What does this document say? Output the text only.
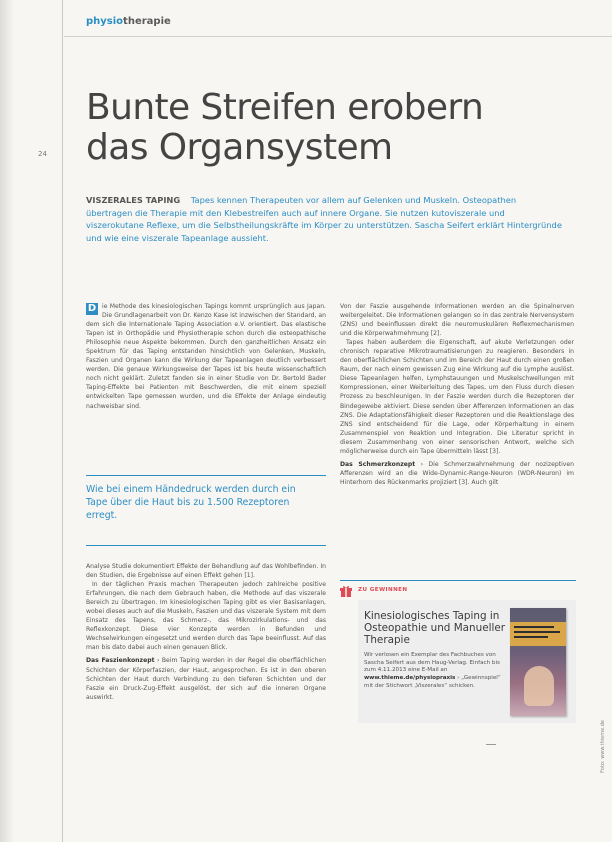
physiotherapie
24
Bunte Streifen erobern
das Organsystem
VISZERALES TAPING Tapes kennen Therapeuten vor allem auf Gelenken und Muskeln. Osteopathen übertragen die Therapie mit den Klebestreifen auch auf innere Organe. Sie nutzen kutoviszerale und viszerokutane Reflexe, um die Selbstheilungskräfte im Körper zu unterstützen. Sascha Seifert erklärt Hintergründe und wie eine viszerale Tapeanlage aussieht.

D ie Methode des kinesiologischen Tapings kommt ursprünglich aus Japan. Die Grundlagenarbeit von Dr. Kenzo Kase ist inzwischen der Standard, an dem sich die Internationale Taping Association e.V. orientiert. Das elastische Tapen ist in Orthopädie und Physiotherapie schon durch die osteopathische Philosophie neue Aspekte bekommen. Durch den ganzheitlichen Ansatz ein Spektrum für das Taping entstanden hinsichtlich von Gelenken, Muskeln, Faszien und Organen kann die Wirkung der Tapeanlagen deutlich verbessert werden. Die genaue Wirkungsweise der Tapes ist bis heute wissenschaftlich noch nicht geklärt. Zuletzt fanden sie in einer Studie von Dr. Bertold Bader Taping-Effekte bei Patienten mit Beschwerden, die mit einem speziell entwickelten Tape gemessen wurden, und die Effekte der Anlage eindeutig nachweisbar sind.

Wie bei einem Händedruck werden durch ein Tape über die Haut bis zu 1.500 Rezeptoren erregt.

Analyse Studie dokumentiert Effekte der Behandlung auf das Wohlbefinden. In den Studien, die Ergebnisse auf einen Effekt gehen [1].

In der täglichen Praxis machen Therapeuten jedoch zahlreiche positive Erfahrungen, die nach dem Gebrauch haben, die Methode auf das viszerale Bereich zu übertragen. Im kinesiologischen Taping gibt es vier Basisanlagen, wobei dieses auch auf die Muskeln, Faszien und das viszerale System mit dem Einsatz des Tapens, das Schmerz-, das Mikrozirkulations- und das Reflexkonzept. Diese vier Konzepte werden in Befunden und Wechselwirkungen eingesetzt und werden durch das Tape beeinflusst. Auf das man bis dato dabei auch einen genauen Blick.

Das Faszienkonzept › Beim Taping werden in der Regel die oberflächlichen Schichten der Körperfaszien, der Haut, angesprochen. Es ist in den oberen Schichten der Haut durch Verbindung zu den tieferen Schichten und der Faszie ein Druck-Zug-Effekt ausgelöst, der sich auf die inneren Organe auswirkt.

Von der Faszie ausgehende Informationen werden an die Spinalnerven weitergeleitet. Die Informationen gelangen so in das zentrale Nervensystem (ZNS) und beeinflussen direkt die neuromuskulären Reflexmechanismen und die Körperwahrnehmung [2].

Tapes haben außerdem die Eigenschaft, auf akute Verletzungen oder chronisch reparative Mikrotraumatisierungen zu reagieren. Besonders in den oberflächlichen Schichten und im Bereich der Haut durch einen großen Raum, der nach einem gewissen Zug eine Wirkung auf die Lymphe auslöst. Diese Tapeanlagen helfen, Lymphstauungen und Muskelschwellungen mit Kompressionen, einer Weiterleitung des Tapes, um den Fluss durch diesen Prozess zu beschleunigen. In der Faszie werden durch die Rezeptoren der Bindegewebe aktiviert. Diese senden über Afferenzen Informationen an das ZNS. Die Adaptationsfähigkeit dieser Rezeptoren und die Reaktionslage des ZNS sind entscheidend für die Lage, oder Körperhaltung in einem Zusammenspiel von Reaktion und Integration. Die Literatur spricht in diesem Zusammenhang von einer sensorischen Antwort, welche sich möglicherweise durch ein Tape übermitteln lässt [3].

Das Schmerzkonzept › Die Schmerzwahrnehmung der nozizeptiven Afferenzen wird an die Wide-Dynamic-Range-Neuron (WDR-Neuron) im Hinterhorn des Rückenmarks projiziert [3]. Auch gilt

ZU GEWINNEN
Kinesiologisches Taping in Osteopathie und Manueller Therapie
Wir verlosen ein Exemplar des Fachbuches von Sascha Seifert aus dem Haug-Verlag. Einfach bis zum 4.11.2013 eine E-Mail an www.thieme.de/physiopraxis › „Gewinnspiel“ mit der Stichwort „Viszerales“ schicken.
Foto: www.thieme.de
